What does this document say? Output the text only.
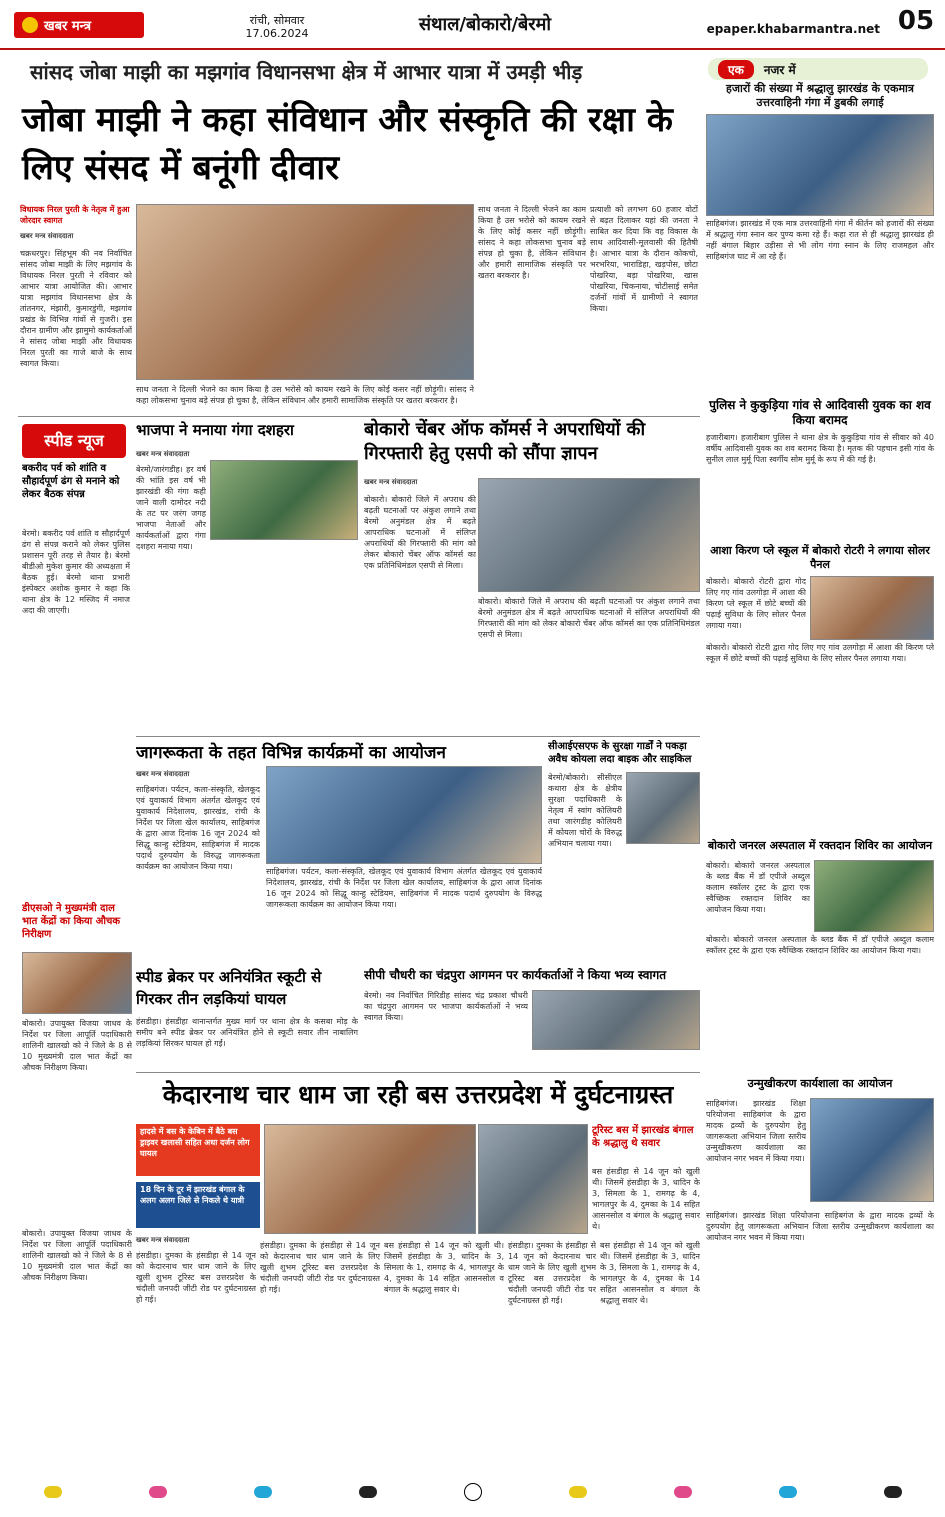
खबर मन्त्र	रांची, सोमवार
17.06.2024	संथाल/बोकारो/बेरमो	epaper.khabarmantra.net 05
सांसद जोबा माझी का मझगांव विधानसभा क्षेत्र में आभार यात्रा में उमड़ी भीड़
जोबा माझी ने कहा संविधान और संस्कृति की रक्षा के लिए संसद में बनूंगी दीवार
एक	नजर में
हजारों की संख्या में श्रद्धालु झारखंड के एकमात्र उत्तरवाहिनी गंगा में डुबकी लगाई
साहिबगंज। झारखंड में एक मात्र उत्तरवाहिनी गंगा में कीर्तन को हजारों की संख्या में श्रद्धालु गंगा स्नान कर पुण्य कमा रहे हैं। कहा रात से ही श्रद्धालु झारखंड ही नहीं बंगाल बिहार उड़ीसा से भी लोग गंगा स्नान के लिए राजमहल और साहिबगंज घाट में आ रहे हैं।
विधायक निरल पुरती के नेतृत्व में हुआ जोरदार स्वागत
खबर मन्त्र संवाददाता
चक्रधरपुर। सिंहभूम की नव निर्वाचित सांसद जोबा माझी के लिए मझगांव के विधायक निरल पुरती ने रविवार को आभार यात्रा आयोजित की। आभार यात्रा मझगांव विधानसभा क्षेत्र के तांतनगर, मंझारी, कुमारडुंगी, मझगांव प्रखंड के विभिन्न गांवों से गुजरी। इस दौरान ग्रामीण और झामुमो कार्यकर्ताओं ने सांसद जोबा माझी और विधायक निरल पुरती का गाजे बाजे के साथ स्वागत किया।
साथ जनता ने दिल्ली भेजने का काम किया है उस भरोसे को कायम रखने के लिए कोई कसर नहीं छोड़ूंगी। सांसद ने कहा लोकसभा चुनाव बड़े संपन्न हो चुका है, लेकिन संविधान और हमारी सामाजिक संस्कृति पर खतरा बरकरार है।
साथ जनता ने दिल्ली भेजने का काम किया है उस भरोसे को कायम रखने के लिए कोई कसर नहीं छोड़ूंगी। सांसद ने कहा लोकसभा चुनाव बड़े संपन्न हो चुका है, लेकिन संविधान और हमारी सामाजिक संस्कृति पर खतरा बरकरार है।
प्रत्याशी को लगभग 60 हजार वोटों से बढ़त दिलाकर यहां की जनता ने साबित कर दिया कि वह विकास के साथ आदिवासी-मूलवासी की हितैषी है। आभार यात्रा के दौरान कोकचो, भरभरिया, भाराडिहा, खड़पोस, छोटा पोखरिया, बड़ा पोखरिया, खास पोखरिया, चिकनाया, चोटीसाई समेत दर्जनों गांवों में ग्रामीणों ने स्वागत किया।
पुलिस ने कुकुड़िया गांव से आदिवासी युवक का शव किया बरामद
हजारीबाग। हजारीबाग पुलिस ने थाना क्षेत्र के कुकुड़िया गांव से सीवार को 40 वर्षीय आदिवासी युवक का शव बरामद किया है। मृतक की पहचान इसी गांव के सुनील लाल मुर्मू पिता स्वर्गीय सोम मुर्मू के रूप में की गई है।
स्पीड न्यूज
बकरीद पर्व को शांति व सौहार्दपूर्ण ढंग से मनाने को लेकर बैठक संपन्न
बेरमो। बकरीद पर्व शांति व सौहार्दपूर्ण ढंग से संपन्न कराने को लेकर पुलिस प्रशासन पूरी तरह से तैयार है। बेरमो बीडीओ मुकेश कुमार की अध्यक्षता में बैठक हुई। बेरमो थाना प्रभारी इंस्पेक्टर अशोक कुमार ने कहा कि थाना क्षेत्र के 12 मस्जिद में नमाज अदा की जाएगी।
भाजपा ने मनाया गंगा दशहरा
खबर मन्त्र संवाददाता
बेरमो/जारंगडीह। हर वर्ष की भांति इस वर्ष भी झारखंडी की गंगा कही जाने वाली दामोदर नदी के तट पर जरंग जगह भाजपा नेताओं और कार्यकर्ताओं द्वारा गंगा दशहरा मनाया गया।
बोकारो चेंबर ऑफ कॉमर्स ने अपराधियों की गिरफ्तारी हेतु एसपी को सौंपा ज्ञापन
खबर मन्त्र संवाददाता
बोकारो। बोकारो जिले में अपराध की बढ़ती घटनाओं पर अंकुश लगाने तथा बेरमो अनुमंडल क्षेत्र में बढ़ते आपराधिक घटनाओं में संलिप्त अपराधियों की गिरफ्तारी की मांग को लेकर बोकारो चेंबर ऑफ कॉमर्स का एक प्रतिनिधिमंडल एसपी से मिला।
बोकारो। बोकारो जिले में अपराध की बढ़ती घटनाओं पर अंकुश लगाने तथा बेरमो अनुमंडल क्षेत्र में बढ़ते आपराधिक घटनाओं में संलिप्त अपराधियों की गिरफ्तारी की मांग को लेकर बोकारो चेंबर ऑफ कॉमर्स का एक प्रतिनिधिमंडल एसपी से मिला।
आशा किरण प्ले स्कूल में बोकारो रोटरी ने लगाया सोलर पैनल
बोकारो। बोकारो रोटरी द्वारा गोद लिए गए गांव उलगोड़ा में आशा की किरण प्ले स्कूल में छोटे बच्चों की पढ़ाई सुविधा के लिए सोलर पैनल लगाया गया।
बोकारो। बोकारो रोटरी द्वारा गोद लिए गए गांव उलगोड़ा में आशा की किरण प्ले स्कूल में छोटे बच्चों की पढ़ाई सुविधा के लिए सोलर पैनल लगाया गया।
जागरूकता के तहत विभिन्न कार्यक्रमों का आयोजन
खबर मन्त्र संवाददाता
साहिबगंज। पर्यटन, कला-संस्कृति, खेलकूद एवं युवाकार्य विभाग अंतर्गत खेलकूद एवं युवाकार्य निदेशालय, झारखंड, रांची के निर्देश पर जिला खेल कार्यालय, साहिबगंज के द्वारा आज दिनांक 16 जून 2024 को सिद्धू कान्हु स्टेडियम, साहिबगंज में मादक पदार्थ दुरुपयोग के विरुद्ध जागरूकता कार्यक्रम का आयोजन किया गया।
साहिबगंज। पर्यटन, कला-संस्कृति, खेलकूद एवं युवाकार्य विभाग अंतर्गत खेलकूद एवं युवाकार्य निदेशालय, झारखंड, रांची के निर्देश पर जिला खेल कार्यालय, साहिबगंज के द्वारा आज दिनांक 16 जून 2024 को सिद्धू कान्हु स्टेडियम, साहिबगंज में मादक पदार्थ दुरुपयोग के विरुद्ध जागरूकता कार्यक्रम का आयोजन किया गया।
सीआईएसएफ के सुरक्षा गार्डों ने पकड़ा अवैध कोयला लदा बाइक और साइकिल
बेरमो/बोकारो। सीसीएल कथारा क्षेत्र के क्षेत्रीय सुरक्षा पदाधिकारी के नेतृत्व में स्वांग कोलियरी तथा जारंगडीह कोलियरी में कोयला चोरों के विरुद्ध अभियान चलाया गया।	बोकारो जनरल अस्पताल में रक्तदान शिविर का आयोजन
बोकारो। बोकारो जनरल अस्पताल के ब्लड बैंक में डॉ एपीजे अब्दुल कलाम स्कॉलर ट्रस्ट के द्वारा एक स्वैच्छिक रक्तदान शिविर का आयोजन किया गया।
बोकारो। बोकारो जनरल अस्पताल के ब्लड बैंक में डॉ एपीजे अब्दुल कलाम स्कॉलर ट्रस्ट के द्वारा एक स्वैच्छिक रक्तदान शिविर का आयोजन किया गया।
डीएसओ ने मुख्यमंत्री दाल भात केंद्रों का किया औचक निरीक्षण
बोकारो। उपायुक्त विजया जाधव के निर्देश पर जिला आपूर्ति पदाधिकारी शालिनी खालखो को ने जिले के 8 से 10 मुख्यमंत्री दाल भात केंद्रों का औचक निरीक्षण किया।
स्पीड ब्रेकर पर अनियंत्रित स्कूटी से गिरकर तीन लड़कियां घायल
हंसडीहा। हंसडीहा थानान्तर्गत मुख्य मार्ग पर थाना क्षेत्र के कसबा मोड़ के समीप बने स्पीड ब्रेकर पर अनियंत्रित होने से स्कूटी सवार तीन नाबालिग लड़कियां सिरकर घायल हो गईं।
सीपी चौधरी का चंद्रपुरा आगमन पर कार्यकर्ताओं ने किया भव्य स्वागत
बेरमो। नव निर्वाचित गिरिडीह सांसद चंद्र प्रकाश चौधरी का चंद्रपुरा आगमन पर भाजपा कार्यकर्ताओं ने भव्य स्वागत किया।
उन्मुखीकरण कार्यशाला का आयोजन
साहिबगंज। झारखंड शिक्षा परियोजना साहिबगंज के द्वारा मादक द्रव्यों के दुरुपयोग हेतु जागरूकता अभियान जिला स्तरीय उन्मुखीकरण कार्यशाला का आयोजन नगर भवन में किया गया।
साहिबगंज। झारखंड शिक्षा परियोजना साहिबगंज के द्वारा मादक द्रव्यों के दुरुपयोग हेतु जागरूकता अभियान जिला स्तरीय उन्मुखीकरण कार्यशाला का आयोजन नगर भवन में किया गया।
केदारनाथ चार धाम जा रही बस उत्तरप्रदेश में दुर्घटनाग्रस्त
हादसे में बस के केबिन में बैठे बस ड्राइवर खलासी सहित अधा दर्जन लोग घायल
18 दिन के टूर में झारखंड बंगाल के अलग अलग जिले से निकले थे यात्री
टूरिस्ट बस में झारखंड बंगाल के श्रद्धालु थे सवार
बस हंसडीहा से 14 जून को खुली थी। जिसमें हंसडीहा के 3, धादिन के 3, सिमला के 1, रामगढ़ के 4, भागलपुर के 4, दुमका के 14 सहित आसनसोल व बंगाल के श्रद्धालु सवार थे।
खबर मन्त्र संवाददाता
हंसडीहा। दुमका के हंसडीहा से 14 जून को केदारनाथ चार धाम जाने के लिए खुली शुभम टूरिस्ट बस उत्तरप्रदेश के चंदौली जनपदी जीटी रोड पर दुर्घटनाग्रस्त हो गई।
हंसडीहा। दुमका के हंसडीहा से 14 जून को केदारनाथ चार धाम जाने के लिए खुली शुभम टूरिस्ट बस उत्तरप्रदेश के चंदौली जनपदी जीटी रोड पर दुर्घटनाग्रस्त हो गई।
बस हंसडीहा से 14 जून को खुली थी। जिसमें हंसडीहा के 3, धादिन के 3, सिमला के 1, रामगढ़ के 4, भागलपुर के 4, दुमका के 14 सहित आसनसोल व बंगाल के श्रद्धालु सवार थे।
हंसडीहा। दुमका के हंसडीहा से 14 जून को केदारनाथ चार धाम जाने के लिए खुली शुभम टूरिस्ट बस उत्तरप्रदेश के चंदौली जनपदी जीटी रोड पर दुर्घटनाग्रस्त हो गई।
बस हंसडीहा से 14 जून को खुली थी। जिसमें हंसडीहा के 3, धादिन के 3, सिमला के 1, रामगढ़ के 4, भागलपुर के 4, दुमका के 14 सहित आसनसोल व बंगाल के श्रद्धालु सवार थे।
बोकारो। उपायुक्त विजया जाधव के निर्देश पर जिला आपूर्ति पदाधिकारी शालिनी खालखो को ने जिले के 8 से 10 मुख्यमंत्री दाल भात केंद्रों का औचक निरीक्षण किया।
